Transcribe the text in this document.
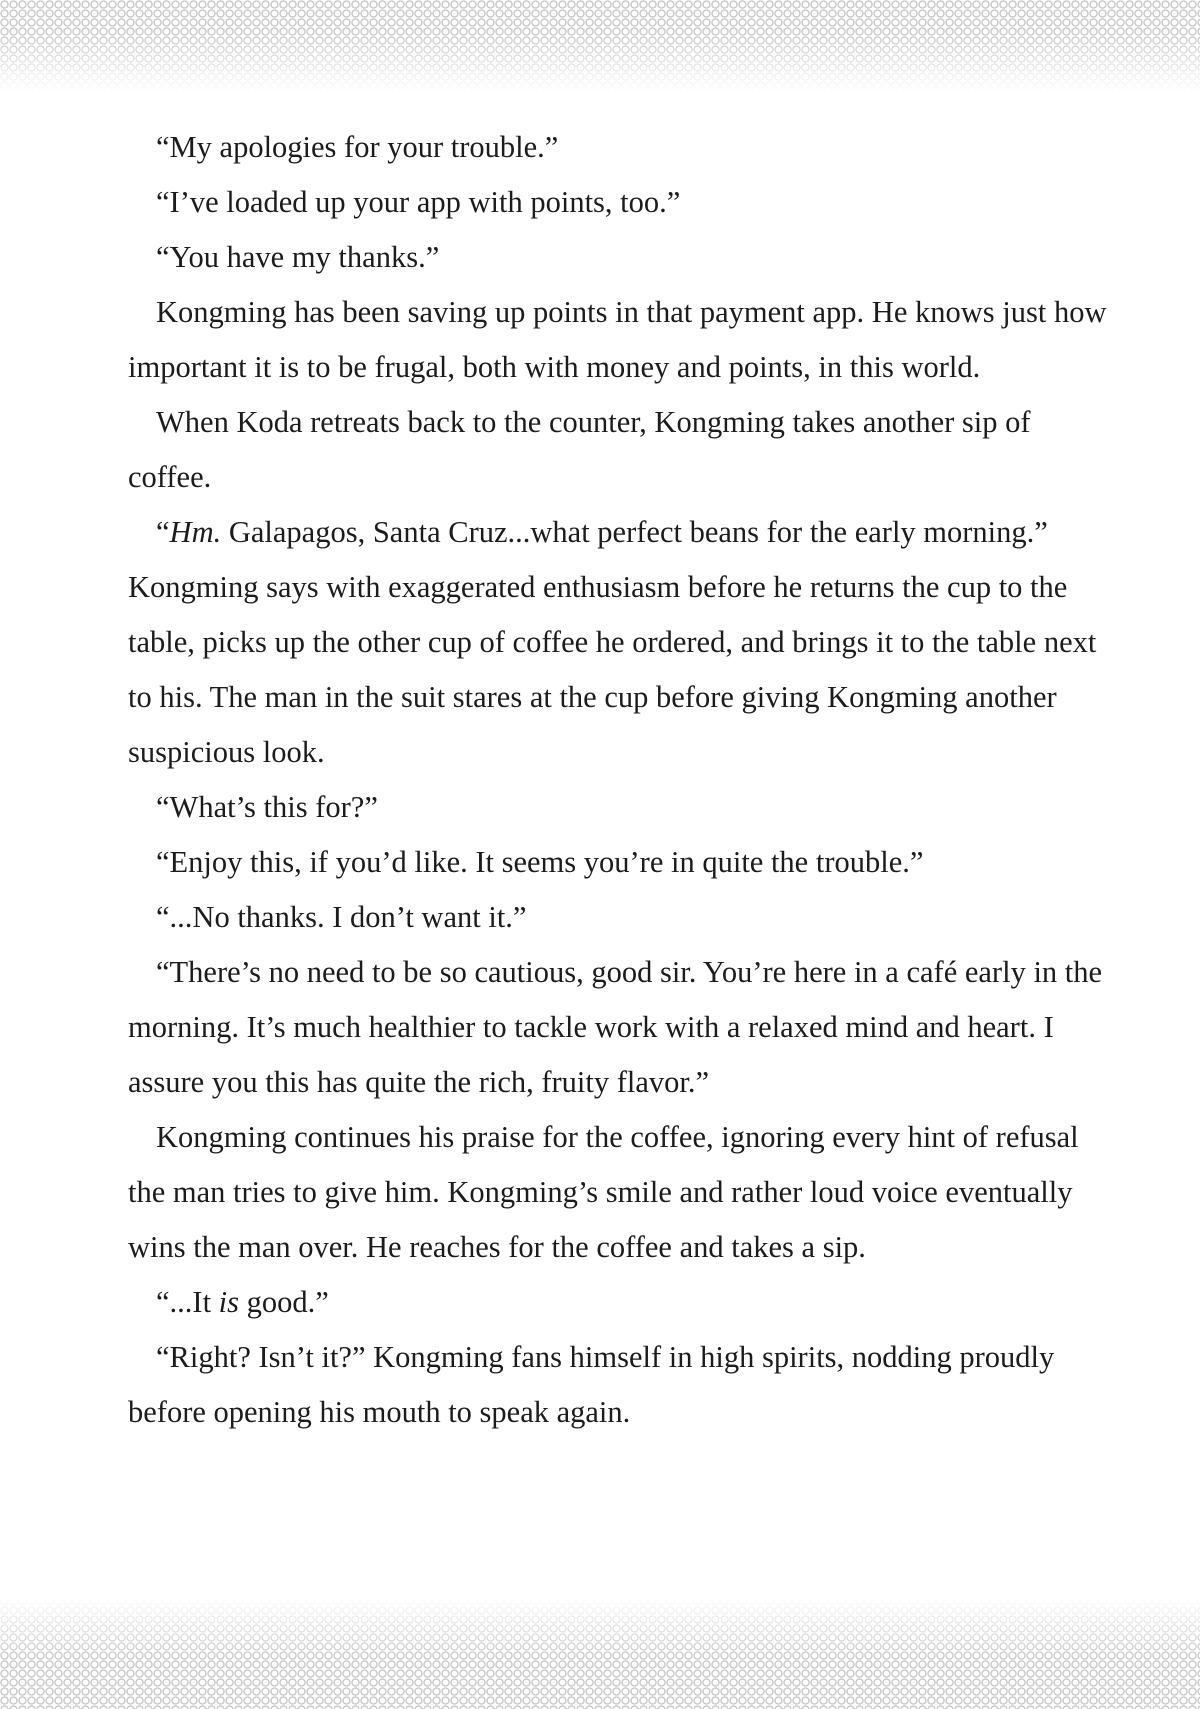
“My apologies for your trouble.”

“I’ve loaded up your app with points, too.”

“You have my thanks.”

Kongming has been saving up points in that payment app. He knows just how important it is to be frugal, both with money and points, in this world.

When Koda retreats back to the counter, Kongming takes another sip of coffee.

“Hm. Galapagos, Santa Cruz...what perfect beans for the early morning.” Kongming says with exaggerated enthusiasm before he returns the cup to the table, picks up the other cup of coffee he ordered, and brings it to the table next to his. The man in the suit stares at the cup before giving Kongming another suspicious look.

“What’s this for?”

“Enjoy this, if you’d like. It seems you’re in quite the trouble.”

“...No thanks. I don’t want it.”

“There’s no need to be so cautious, good sir. You’re here in a café early in the morning. It’s much healthier to tackle work with a relaxed mind and heart. I assure you this has quite the rich, fruity flavor.”

Kongming continues his praise for the coffee, ignoring every hint of refusal the man tries to give him. Kongming’s smile and rather loud voice eventually wins the man over. He reaches for the coffee and takes a sip.

“...It is good.”

“Right? Isn’t it?” Kongming fans himself in high spirits, nodding proudly before opening his mouth to speak again.
